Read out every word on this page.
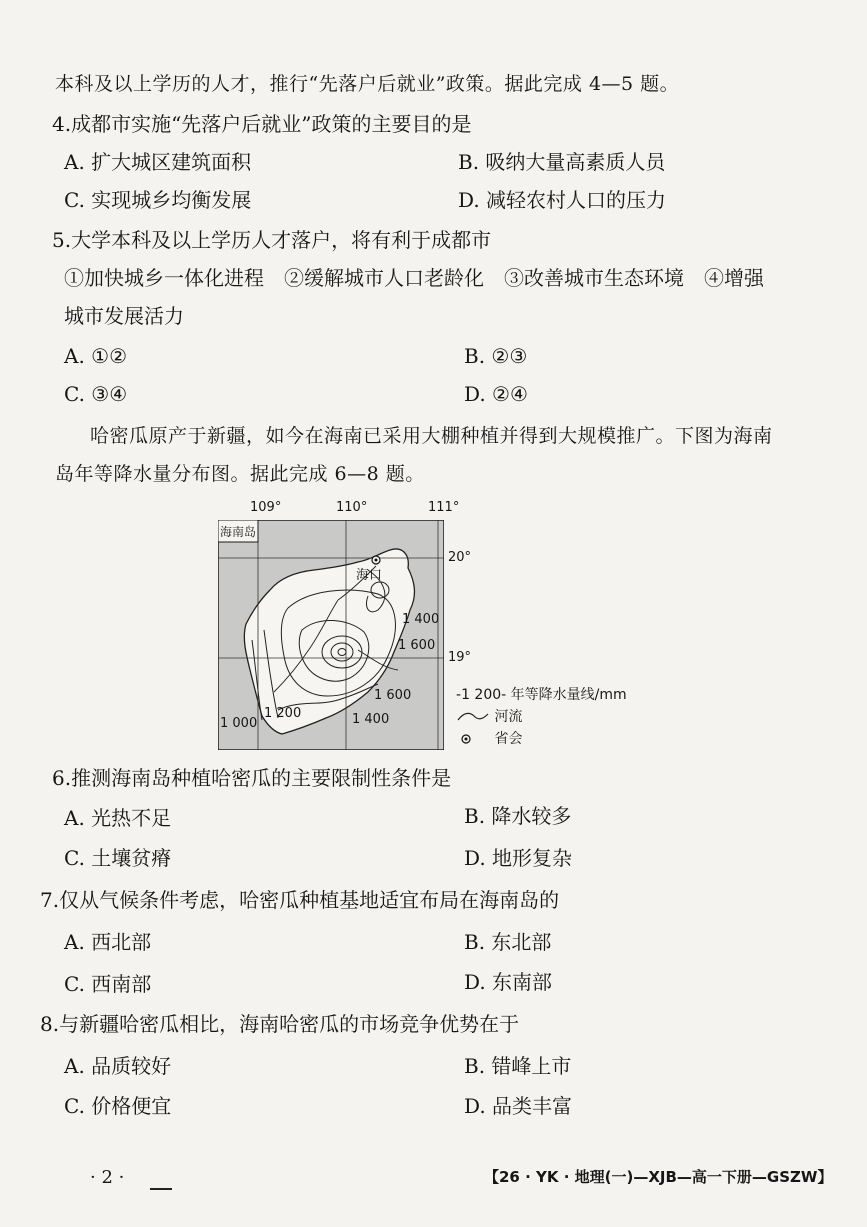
本科及以上学历的人才，推行“先落户后就业”政策。据此完成 4—5 题。
4.成都市实施“先落户后就业”政策的主要目的是
A. 扩大城区建筑面积	B. 吸纳大量高素质人员
C. 实现城乡均衡发展	D. 减轻农村人口的压力
5.大学本科及以上学历人才落户，将有利于成都市
①加快城乡一体化进程　②缓解城市人口老龄化　③改善城市生态环境　④增强
城市发展活力
A. ①②	B. ②③
C. ③④	D. ②④
哈密瓜原产于新疆，如今在海南已采用大棚种植并得到大规模推广。下图为海南
岛年等降水量分布图。据此完成 6—8 题。
109°	110°	111°
海南岛
海口
20°
19°
1 400
1 600
1 600
1 200	1 400
1 000
-1 200- 年等降水量线/mm
河流
省会
6.推测海南岛种植哈密瓜的主要限制性条件是
A. 光热不足	B. 降水较多
C. 土壤贫瘠	D. 地形复杂
7.仅从气候条件考虑，哈密瓜种植基地适宜布局在海南岛的
A. 西北部	B. 东北部
C. 西南部	D. 东南部
8.与新疆哈密瓜相比，海南哈密瓜的市场竞争优势在于
A. 品质较好	B. 错峰上市
C. 价格便宜	D. 品类丰富
· 2 ·	【26 · YK · 地理(一)—XJB—高一下册—GSZW】
